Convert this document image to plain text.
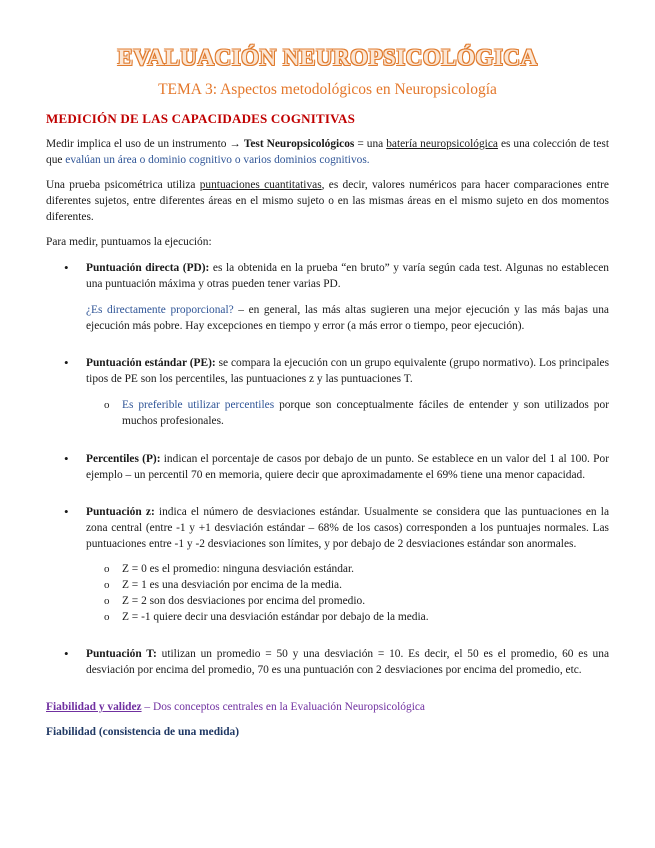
EVALUACIÓN NEUROPSICOLÓGICA
TEMA 3: Aspectos metodológicos en Neuropsicología
MEDICIÓN DE LAS CAPACIDADES COGNITIVAS

Medir implica el uso de un instrumento → Test Neuropsicológicos = una batería neuropsicológica es una colección de test que evalúan un área o dominio cognitivo o varios dominios cognitivos.

Una prueba psicométrica utiliza puntuaciones cuantitativas, es decir, valores numéricos para hacer comparaciones entre diferentes sujetos, entre diferentes áreas en el mismo sujeto o en las mismas áreas en el mismo sujeto en dos momentos diferentes.

Para medir, puntuamos la ejecución:

• Puntuación directa (PD): es la obtenida en la prueba “en bruto” y varía según cada test. Algunas no establecen una puntuación máxima y otras pueden tener varias PD.

¿Es directamente proporcional? – en general, las más altas sugieren una mejor ejecución y las más bajas una ejecución más pobre. Hay excepciones en tiempo y error (a más error o tiempo, peor ejecución).

• Puntuación estándar (PE): se compara la ejecución con un grupo equivalente (grupo normativo). Los principales tipos de PE son los percentiles, las puntuaciones z y las puntuaciones T.
o Es preferible utilizar percentiles porque son conceptualmente fáciles de entender y son utilizados por muchos profesionales.
• Percentiles (P): indican el porcentaje de casos por debajo de un punto. Se establece en un valor del 1 al 100. Por ejemplo – un percentil 70 en memoria, quiere decir que aproximadamente el 69% tiene una menor capacidad.
• Puntuación z: indica el número de desviaciones estándar. Usualmente se considera que las puntuaciones en la zona central (entre -1 y +1 desviación estándar – 68% de los casos) corresponden a los puntuajes normales. Las puntuaciones entre -1 y -2 desviaciones son límites, y por debajo de 2 desviaciones estándar son anormales.
o Z = 0 es el promedio: ninguna desviación estándar.
o Z = 1 es una desviación por encima de la media.
o Z = 2 son dos desviaciones por encima del promedio.
o Z = -1 quiere decir una desviación estándar por debajo de la media.
• Puntuación T: utilizan un promedio = 50 y una desviación = 10. Es decir, el 50 es el promedio, 60 es una desviación por encima del promedio, 70 es una puntuación con 2 desviaciones por encima del promedio, etc.

Fiabilidad y validez – Dos conceptos centrales en la Evaluación Neuropsicológica

Fiabilidad (consistencia de una medida)
